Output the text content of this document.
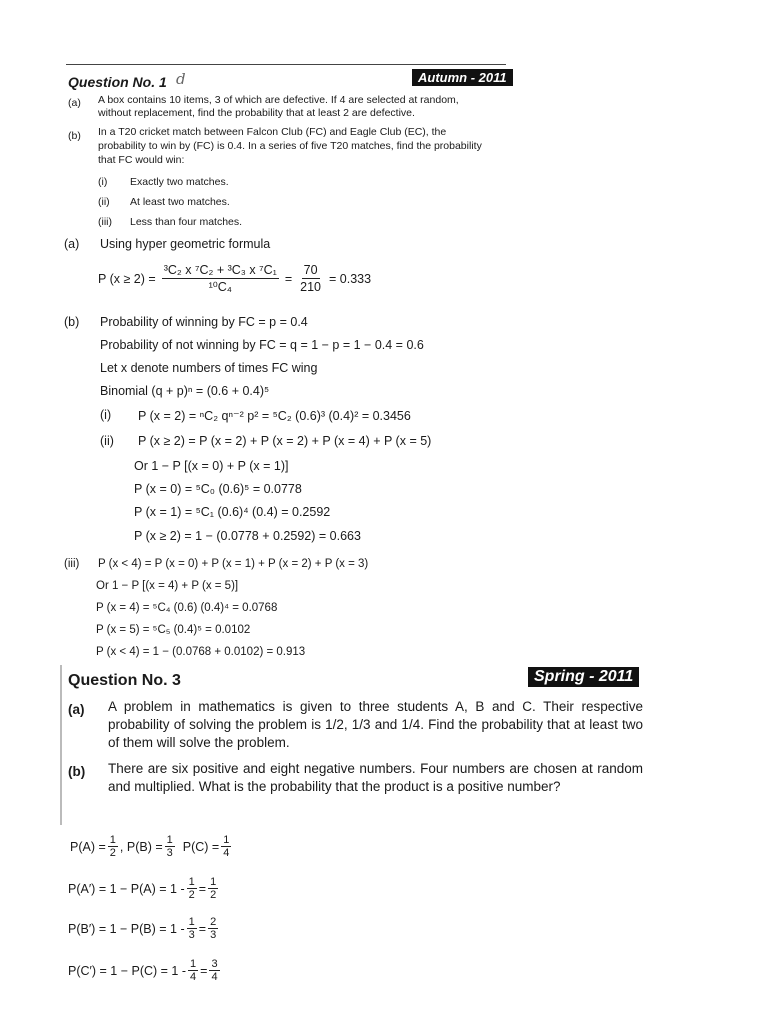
Question No. 1 d	Autumn - 2011
(a) A box contains 10 items, 3 of which are defective. If 4 are selected at random,
without replacement, find the probability that at least 2 are defective.
(b) In a T20 cricket match between Falcon Club (FC) and Eagle Club (EC), the
probability to win by (FC) is 0.4. In a series of five T20 matches, find the probability
that FC would win:
(i) Exactly two matches.
(ii) At least two matches.
(iii) Less than four matches.
(a) Using hyper geometric formula
P $(x \ge 2) = \frac{\text{³C₂ x ⁷C₂ + ³C₃ x ⁷C₁}}{\text{¹⁰C₄}} = \frac{70}{210} = 0.333$
(b) Probability of winning by FC = p = 0.4
Probability of not winning by FC = q = 1 − p = 1 − 0.4 = 0.6
Let x denote numbers of times FC wing
Binomial (q + p)ⁿ = (0.6 + 0.4)⁵
(i) P (x = 2) = ⁿC₂ qⁿ⁻² p² = ⁵C₂ (0.6)³ (0.4)² = 0.3456
(ii) P (x ≥ 2) = P (x = 2) + P (x = 2) + P (x = 4) + P (x = 5)
Or 1 − P [(x = 0) + P (x = 1)]
P (x = 0) = ⁵C₀ (0.6)⁵ = 0.0778
P (x = 1) = ⁵C₁ (0.6)⁴ (0.4) = 0.2592
P (x ≥ 2) = 1 − (0.0778 + 0.2592) = 0.663
(iii) P (x < 4) = P (x = 0) + P (x = 1) + P (x = 2) + P (x = 3)
Or 1 − P [(x = 4) + P (x = 5)]
P (x = 4) = ⁵C₄ (0.6) (0.4)⁴ = 0.0768
P (x = 5) = ⁵C₅ (0.4)⁵ = 0.0102
P (x < 4) = 1 − (0.0768 + 0.0102) = 0.913
Question No. 3	Spring - 2011
(a) A problem in mathematics is given to three students A, B and C. Their respective probability of solving the problem is 1/2, 1/3 and 1/4. Find the probability that at least two of them will solve the problem.
(b) There are six positive and eight negative numbers. Four numbers are chosen at random and multiplied. What is the probability that the product is a positive number?
$P(A) = \frac{1}{2}$ , $P(B) = \frac{1}{3} P(C) = \frac{1}{4}$
$P(A') = 1 - P(A) = 1 - \frac{1}{2} = \frac{1}{2}$
$P(B') = 1 - P(B) = 1 - \frac{1}{3} = \frac{2}{3}$
$P(C') = 1 - P(C) = 1 - \frac{1}{4} = \frac{3}{4}$
